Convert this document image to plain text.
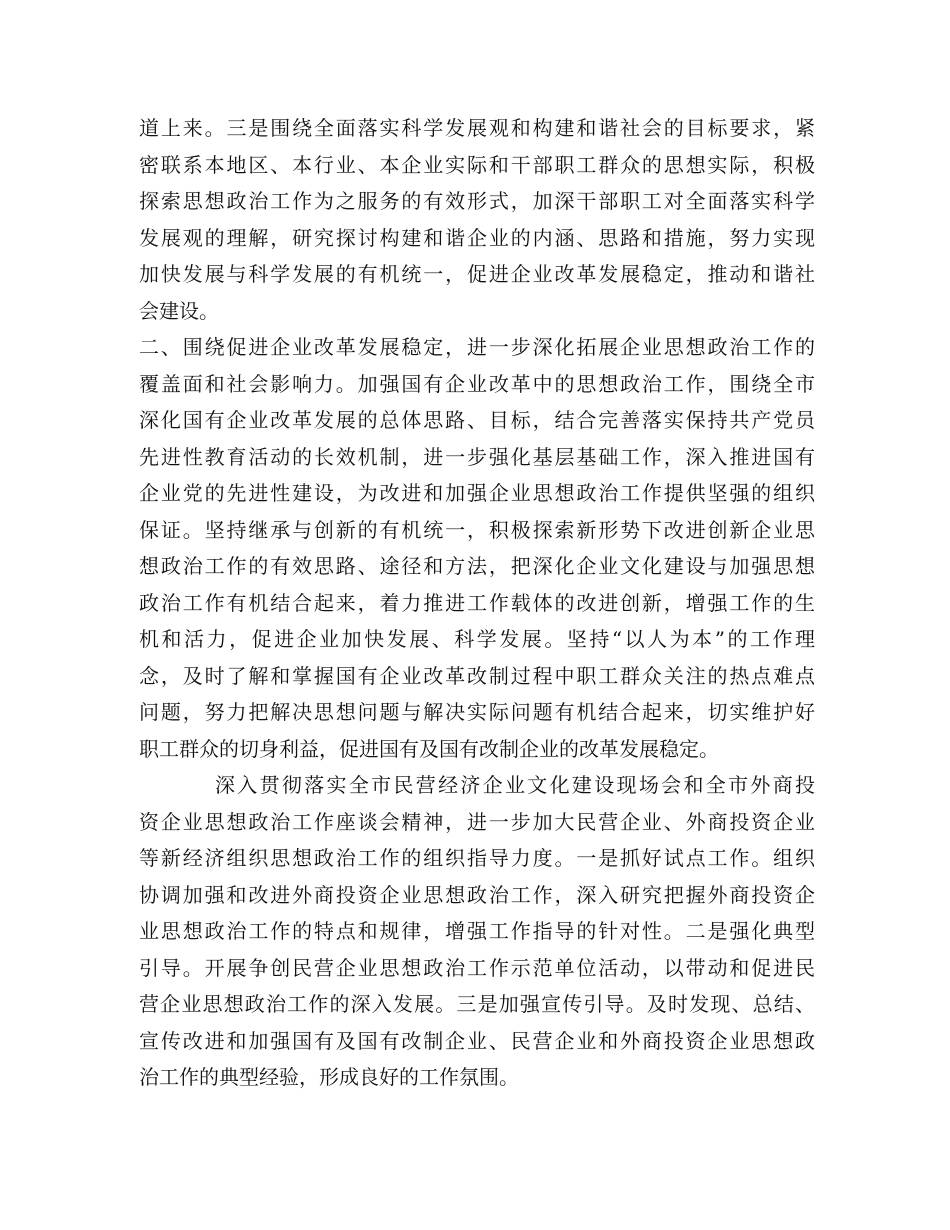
道上来。三是围绕全面落实科学发展观和构建和谐社会的目标要求，紧
密联系本地区、本行业、本企业实际和干部职工群众的思想实际，积极
探索思想政治工作为之服务的有效形式，加深干部职工对全面落实科学
发展观的理解，研究探讨构建和谐企业的内涵、思路和措施，努力实现
加快发展与科学发展的有机统一，促进企业改革发展稳定，推动和谐社
会建设。
二、围绕促进企业改革发展稳定，进一步深化拓展企业思想政治工作的
覆盖面和社会影响力。加强国有企业改革中的思想政治工作，围绕全市
深化国有企业改革发展的总体思路、目标，结合完善落实保持共产党员
先进性教育活动的长效机制，进一步强化基层基础工作，深入推进国有
企业党的先进性建设，为改进和加强企业思想政治工作提供坚强的组织
保证。坚持继承与创新的有机统一，积极探索新形势下改进创新企业思
想政治工作的有效思路、途径和方法，把深化企业文化建设与加强思想
政治工作有机结合起来，着力推进工作载体的改进创新，增强工作的生
机和活力，促进企业加快发展、科学发展。坚持“以人为本”的工作理
念，及时了解和掌握国有企业改革改制过程中职工群众关注的热点难点
问题，努力把解决思想问题与解决实际问题有机结合起来，切实维护好
职工群众的切身利益，促进国有及国有改制企业的改革发展稳定。
深入贯彻落实全市民营经济企业文化建设现场会和全市外商投
资企业思想政治工作座谈会精神，进一步加大民营企业、外商投资企业
等新经济组织思想政治工作的组织指导力度。一是抓好试点工作。组织
协调加强和改进外商投资企业思想政治工作，深入研究把握外商投资企
业思想政治工作的特点和规律，增强工作指导的针对性。二是强化典型
引导。开展争创民营企业思想政治工作示范单位活动，以带动和促进民
营企业思想政治工作的深入发展。三是加强宣传引导。及时发现、总结、
宣传改进和加强国有及国有改制企业、民营企业和外商投资企业思想政
治工作的典型经验，形成良好的工作氛围。
